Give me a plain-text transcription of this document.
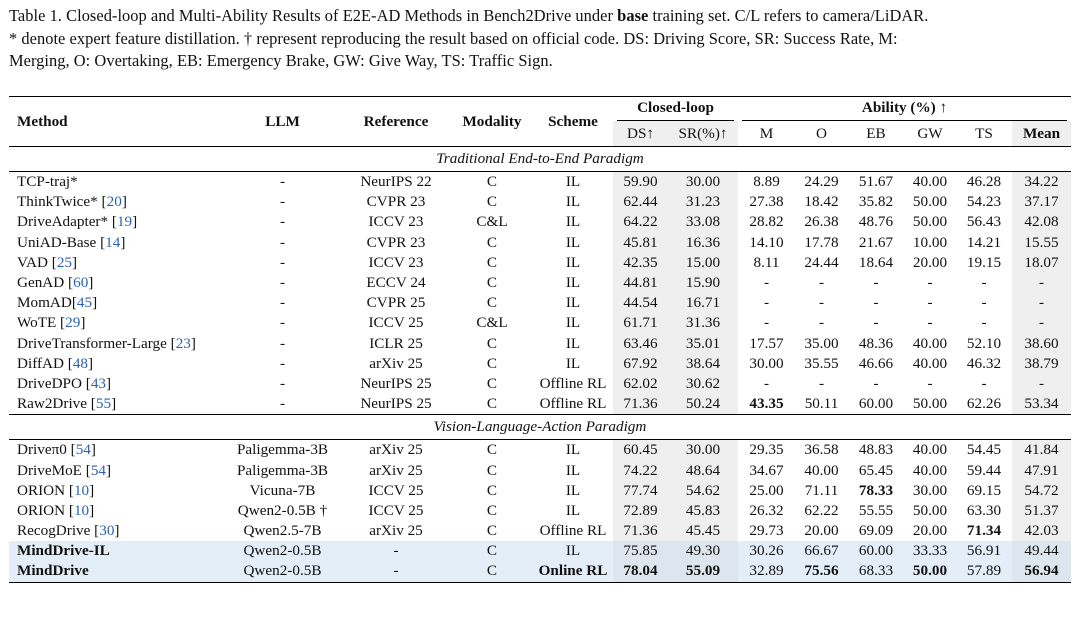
Table 1. Closed-loop and Multi-Ability Results of E2E-AD Methods in Bench2Drive under base training set. C/L refers to camera/LiDAR.
* denote expert feature distillation. † represent reproducing the result based on official code. DS: Driving Score, SR: Success Rate, M:
Merging, O: Overtaking, EB: Emergency Brake, GW: Give Way, TS: Traffic Sign.
Method	LLM	Reference	Modality	Scheme	Closed-loop		Ability (%) ↑					

					DS↑	SR(%)↑	M	O	EB	GW	TS	Mean
Traditional End-to-End Paradigm												
TCP-traj*	-	NeurIPS 22	C	IL	59.90	30.00	8.89	24.29	51.67	40.00	46.28	34.22
ThinkTwice* [20]	-	CVPR 23	C	IL	62.44	31.23	27.38	18.42	35.82	50.00	54.23	37.17
DriveAdapter* [19]	-	ICCV 23	C&L	IL	64.22	33.08	28.82	26.38	48.76	50.00	56.43	42.08
UniAD-Base [14]	-	CVPR 23	C	IL	45.81	16.36	14.10	17.78	21.67	10.00	14.21	15.55
VAD [25]	-	ICCV 23	C	IL	42.35	15.00	8.11	24.44	18.64	20.00	19.15	18.07
GenAD [60]	-	ECCV 24	C	IL	44.81	15.90	-	-	-	-	-	-
MomAD[45]	-	CVPR 25	C	IL	44.54	16.71	-	-	-	-	-	-
WoTE [29]	-	ICCV 25	C&L	IL	61.71	31.36	-	-	-	-	-	-
DriveTransformer-Large [23]	-	ICLR 25	C	IL	63.46	35.01	17.57	35.00	48.36	40.00	52.10	38.60
DiffAD [48]	-	arXiv 25	C	IL	67.92	38.64	30.00	35.55	46.66	40.00	46.32	38.79
DriveDPO [43]	-	NeurIPS 25	C	Offline RL	62.02	30.62	-	-	-	-	-	-
Raw2Drive [55]	-	NeurIPS 25	C	Offline RL	71.36	50.24	43.35	50.11	60.00	50.00	62.26	53.34
Vision-Language-Action Paradigm												
Driveπ0 [54]	Paligemma-3B	arXiv 25	C	IL	60.45	30.00	29.35	36.58	48.83	40.00	54.45	41.84
DriveMoE [54]	Paligemma-3B	arXiv 25	C	IL	74.22	48.64	34.67	40.00	65.45	40.00	59.44	47.91
ORION [10]	Vicuna-7B	ICCV 25	C	IL	77.74	54.62	25.00	71.11	78.33	30.00	69.15	54.72
ORION [10]	Qwen2-0.5B †	ICCV 25	C	IL	72.89	45.83	26.32	62.22	55.55	50.00	63.30	51.37
RecogDrive [30]	Qwen2.5-7B	arXiv 25	C	Offline RL	71.36	45.45	29.73	20.00	69.09	20.00	71.34	42.03
MindDrive-IL	Qwen2-0.5B	-	C	IL	75.85	49.30	30.26	66.67	60.00	33.33	56.91	49.44
MindDrive	Qwen2-0.5B	-	C	Online RL	78.04	55.09	32.89	75.56	68.33	50.00	57.89	56.94
